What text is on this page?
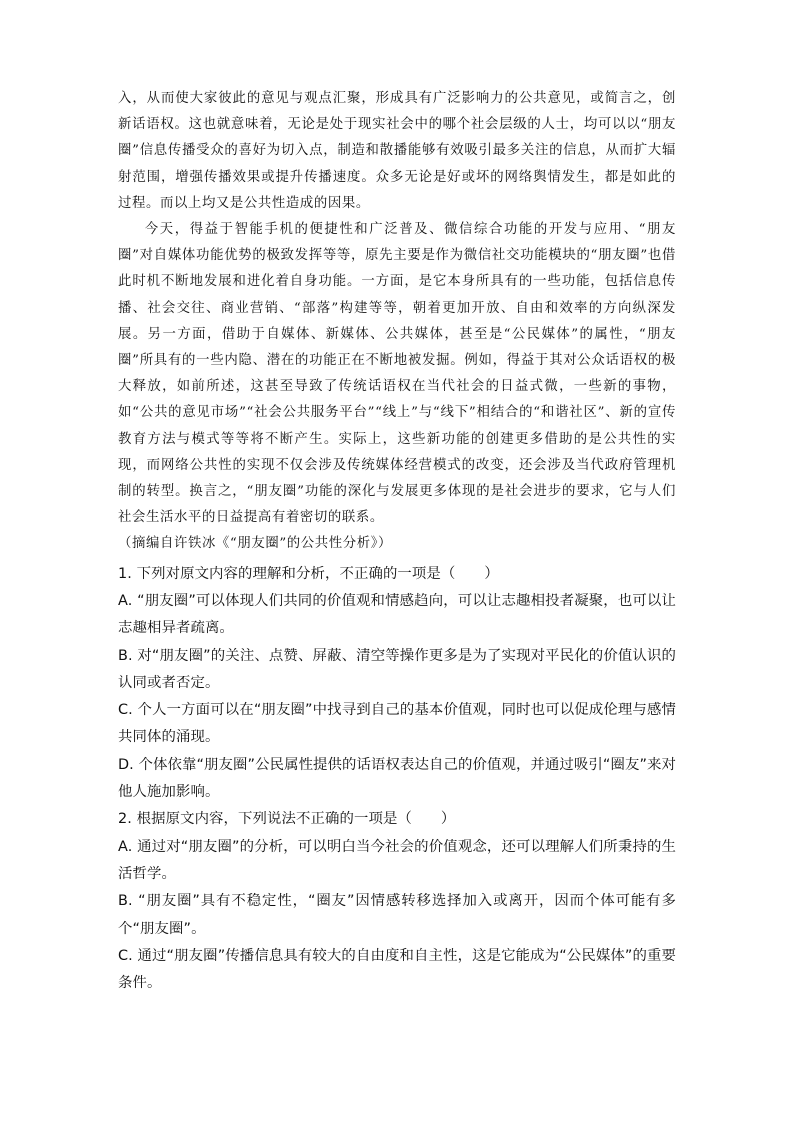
入，从而使大家彼此的意见与观点汇聚，形成具有广泛影响力的公共意见，或简言之，创新话语权。这也就意味着，无论是处于现实社会中的哪个社会层级的人士，均可以以“朋友圈”信息传播受众的喜好为切入点，制造和散播能够有效吸引最多关注的信息，从而扩大辐射范围，增强传播效果或提升传播速度。众多无论是好或坏的网络舆情发生，都是如此的过程。而以上均又是公共性造成的因果。

今天，得益于智能手机的便捷性和广泛普及、微信综合功能的开发与应用、“朋友圈”对自媒体功能优势的极致发挥等等，原先主要是作为微信社交功能模块的“朋友圈”也借此时机不断地发展和进化着自身功能。一方面，是它本身所具有的一些功能，包括信息传播、社会交往、商业营销、“部落”构建等等，朝着更加开放、自由和效率的方向纵深发展。另一方面，借助于自媒体、新媒体、公共媒体，甚至是“公民媒体”的属性，“朋友圈”所具有的一些内隐、潜在的功能正在不断地被发掘。例如，得益于其对公众话语权的极大释放，如前所述，这甚至导致了传统话语权在当代社会的日益式微，一些新的事物，如“公共的意见市场”“社会公共服务平台”“线上”与“线下”相结合的“和谐社区”、新的宣传教育方法与模式等等将不断产生。实际上，这些新功能的创建更多借助的是公共性的实现，而网络公共性的实现不仅会涉及传统媒体经营模式的改变，还会涉及当代政府管理机制的转型。换言之，“朋友圈”功能的深化与发展更多体现的是社会进步的要求，它与人们社会生活水平的日益提高有着密切的联系。

（摘编自许铁冰《“朋友圈”的公共性分析》）

1. 下列对原文内容的理解和分析，不正确的一项是（　　）

A. “朋友圈”可以体现人们共同的价值观和情感趋向，可以让志趣相投者凝聚，也可以让志趣相异者疏离。

B. 对“朋友圈”的关注、点赞、屏蔽、清空等操作更多是为了实现对平民化的价值认识的认同或者否定。

C. 个人一方面可以在“朋友圈”中找寻到自己的基本价值观，同时也可以促成伦理与感情共同体的涌现。

D. 个体依靠“朋友圈”公民属性提供的话语权表达自己的价值观，并通过吸引“圈友”来对他人施加影响。

2. 根据原文内容，下列说法不正确的一项是（　　）

A. 通过对“朋友圈”的分析，可以明白当今社会的价值观念，还可以理解人们所秉持的生活哲学。

B. “朋友圈”具有不稳定性，“圈友”因情感转移选择加入或离开，因而个体可能有多个“朋友圈”。

C. 通过“朋友圈”传播信息具有较大的自由度和自主性，这是它能成为“公民媒体”的重要条件。
